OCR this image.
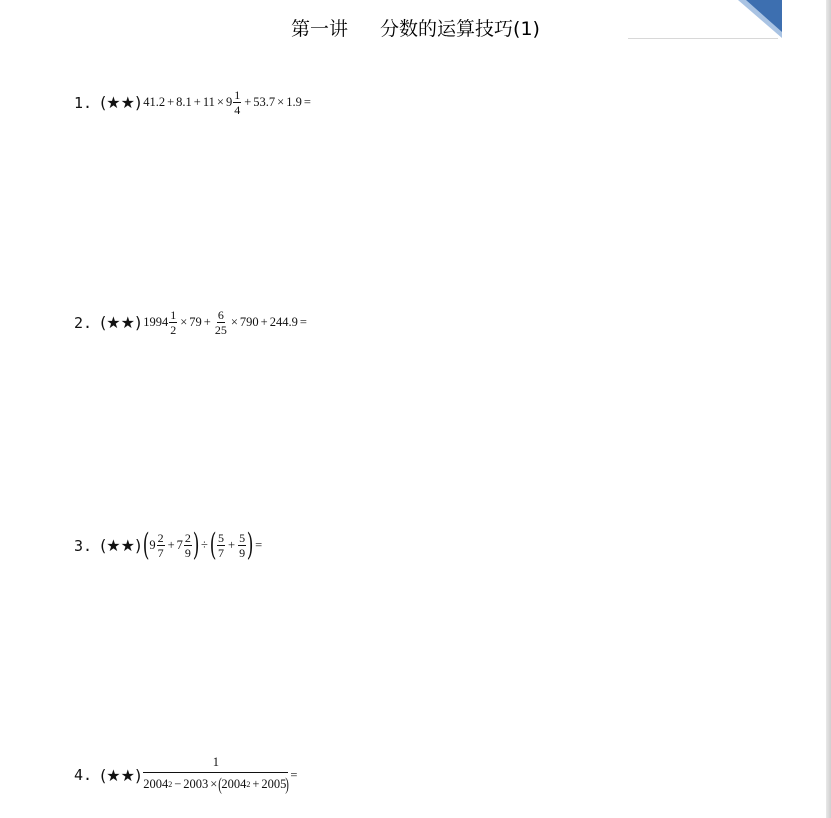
第一讲 分数的运算技巧(1)
1. (★★) $41.2 + 8.1 + 11 \times 9 \frac{1}{4} + 53.7 \times 1.9$ =
2. (★★) $1994 \frac{1}{2} \times 79 + \frac{6}{25} \times 790 + 244.9$ =
3. (★★) ( $9 \frac{2}{7} + 7 \frac{2}{9}$ ) ÷ ( $\frac{5}{7} + \frac{5}{9}$ ) =
4. (★★)
1
2004 2 − 2003 × ( 2004 2 + 2005 ) =
